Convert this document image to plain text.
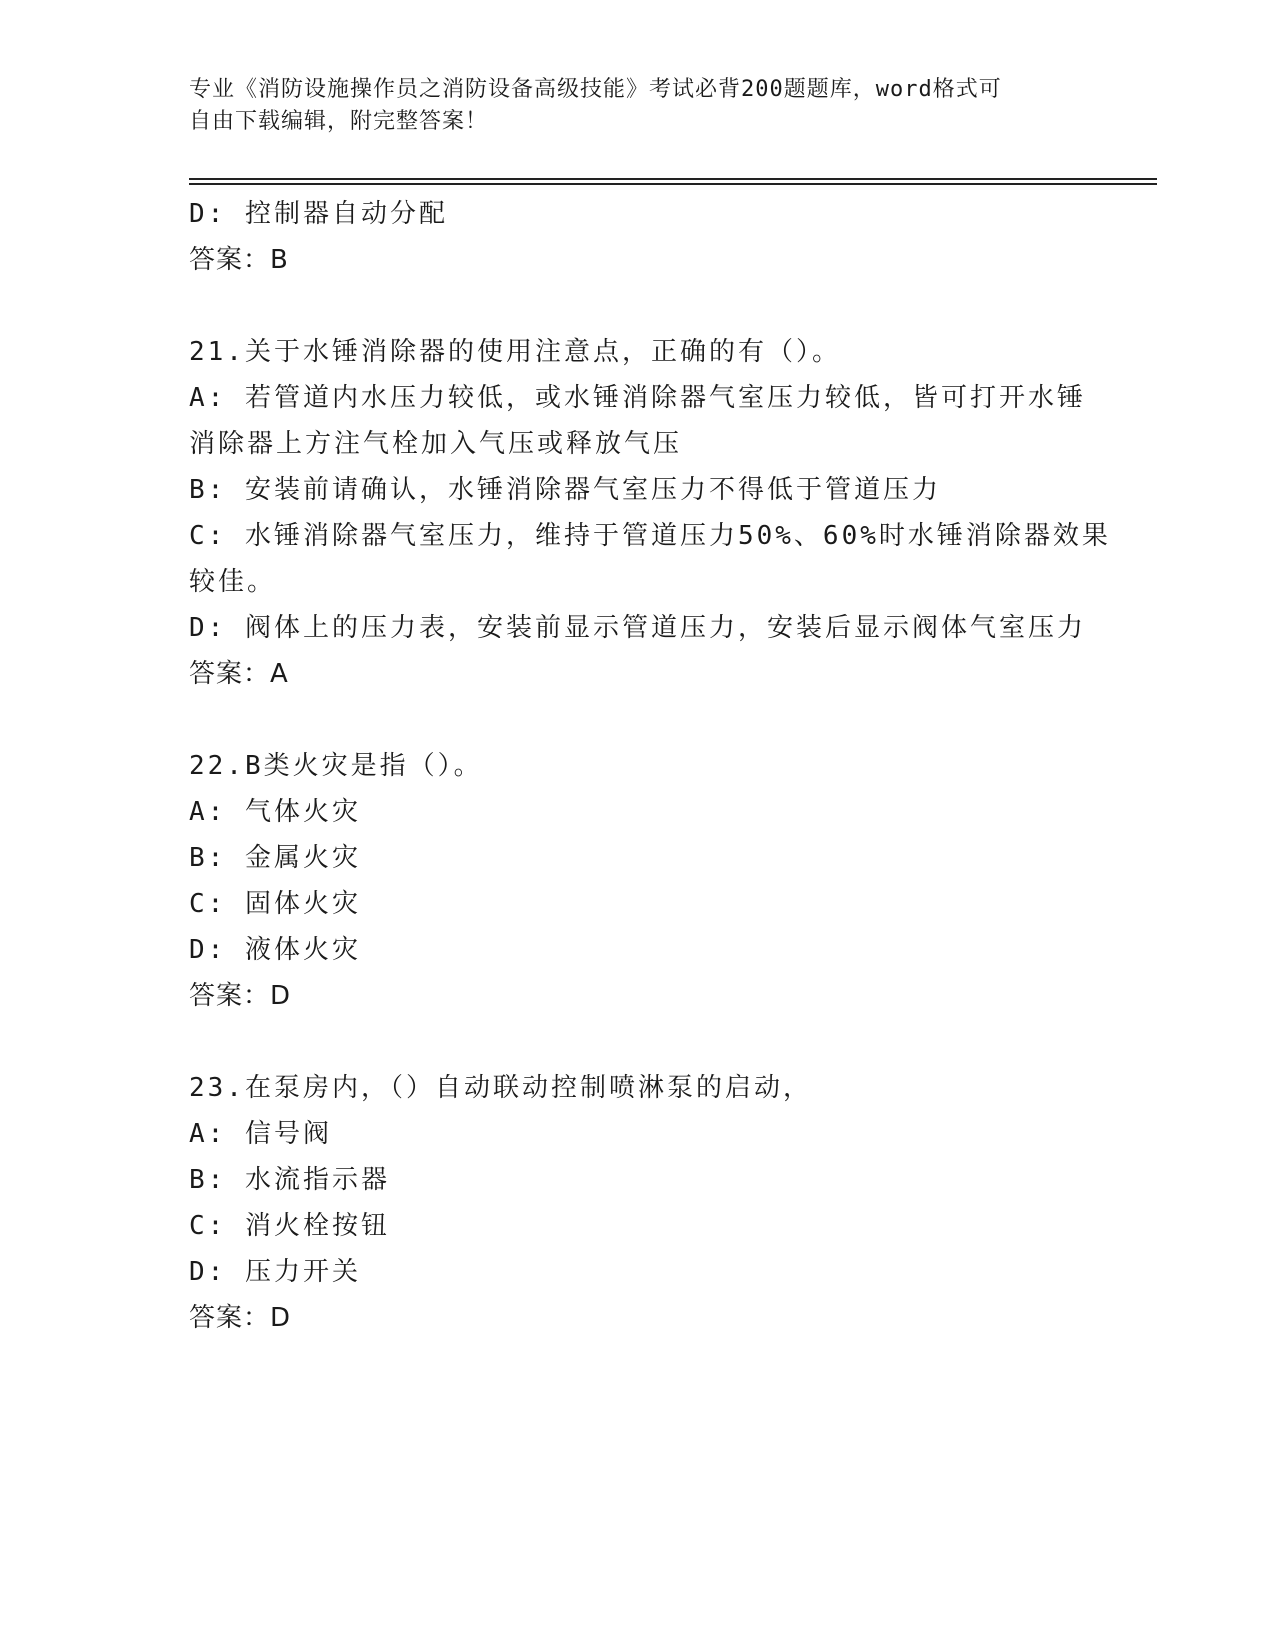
专业《消防设施操作员之消防设备高级技能》考试必背200题题库，word格式可

自由下载编辑，附完整答案！

D: 控制器自动分配

答案：B

21.关于水锤消除器的使用注意点，正确的有（）。

A: 若管道内水压力较低，或水锤消除器气室压力较低，皆可打开水锤

消除器上方注气栓加入气压或释放气压

B: 安装前请确认，水锤消除器气室压力不得低于管道压力

C: 水锤消除器气室压力，维持于管道压力50%、60%时水锤消除器效果

较佳。

D: 阀体上的压力表，安装前显示管道压力，安装后显示阀体气室压力

答案：A

22.B类火灾是指（）。

A: 气体火灾

B: 金属火灾

C: 固体火灾

D: 液体火灾

答案：D

23.在泵房内，（）自动联动控制喷淋泵的启动，

A: 信号阀

B: 水流指示器

C: 消火栓按钮

D: 压力开关

答案：D
